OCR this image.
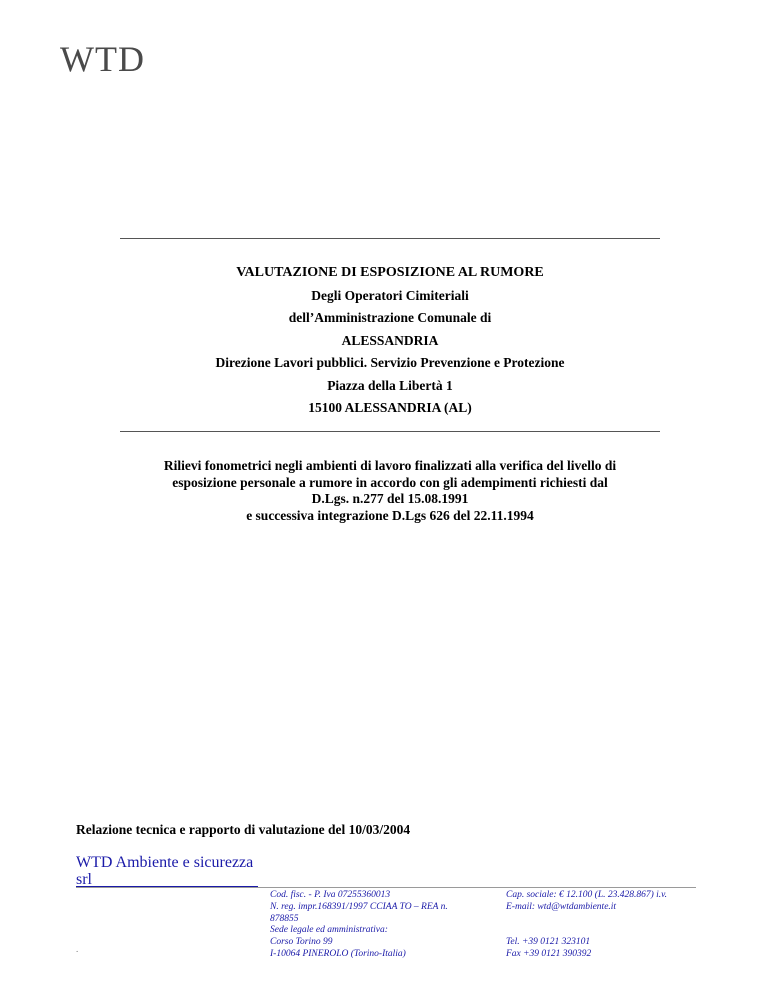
WTD
VALUTAZIONE DI ESPOSIZIONE AL RUMORE
Degli Operatori Cimiteriali
dell’Amministrazione Comunale di
ALESSANDRIA
Direzione Lavori pubblici. Servizio Prevenzione e Protezione
Piazza della Libertà 1
15100 ALESSANDRIA (AL)
Rilievi fonometrici negli ambienti di lavoro finalizzati alla verifica del livello di
esposizione personale a rumore in accordo con gli adempimenti richiesti dal
D.Lgs. n.277 del 15.08.1991
e successiva integrazione D.Lgs 626 del 22.11.1994
Relazione tecnica e rapporto di valutazione del 10/03/2004
WTD Ambiente e sicurezza
srl
Cod. fisc. - P. Iva 07255360013
N. reg. impr.168391/1997 CCIAA TO – REA n.
878855
Sede legale ed amministrativa:
Corso Torino 99
I-10064 PINEROLO (Torino-Italia)
Cap. sociale: € 12.100 (L. 23.428.867) i.v.
E-mail: wtd@wtdambiente.it
Tel. +39 0121 323101
Fax +39 0121 390392
.
